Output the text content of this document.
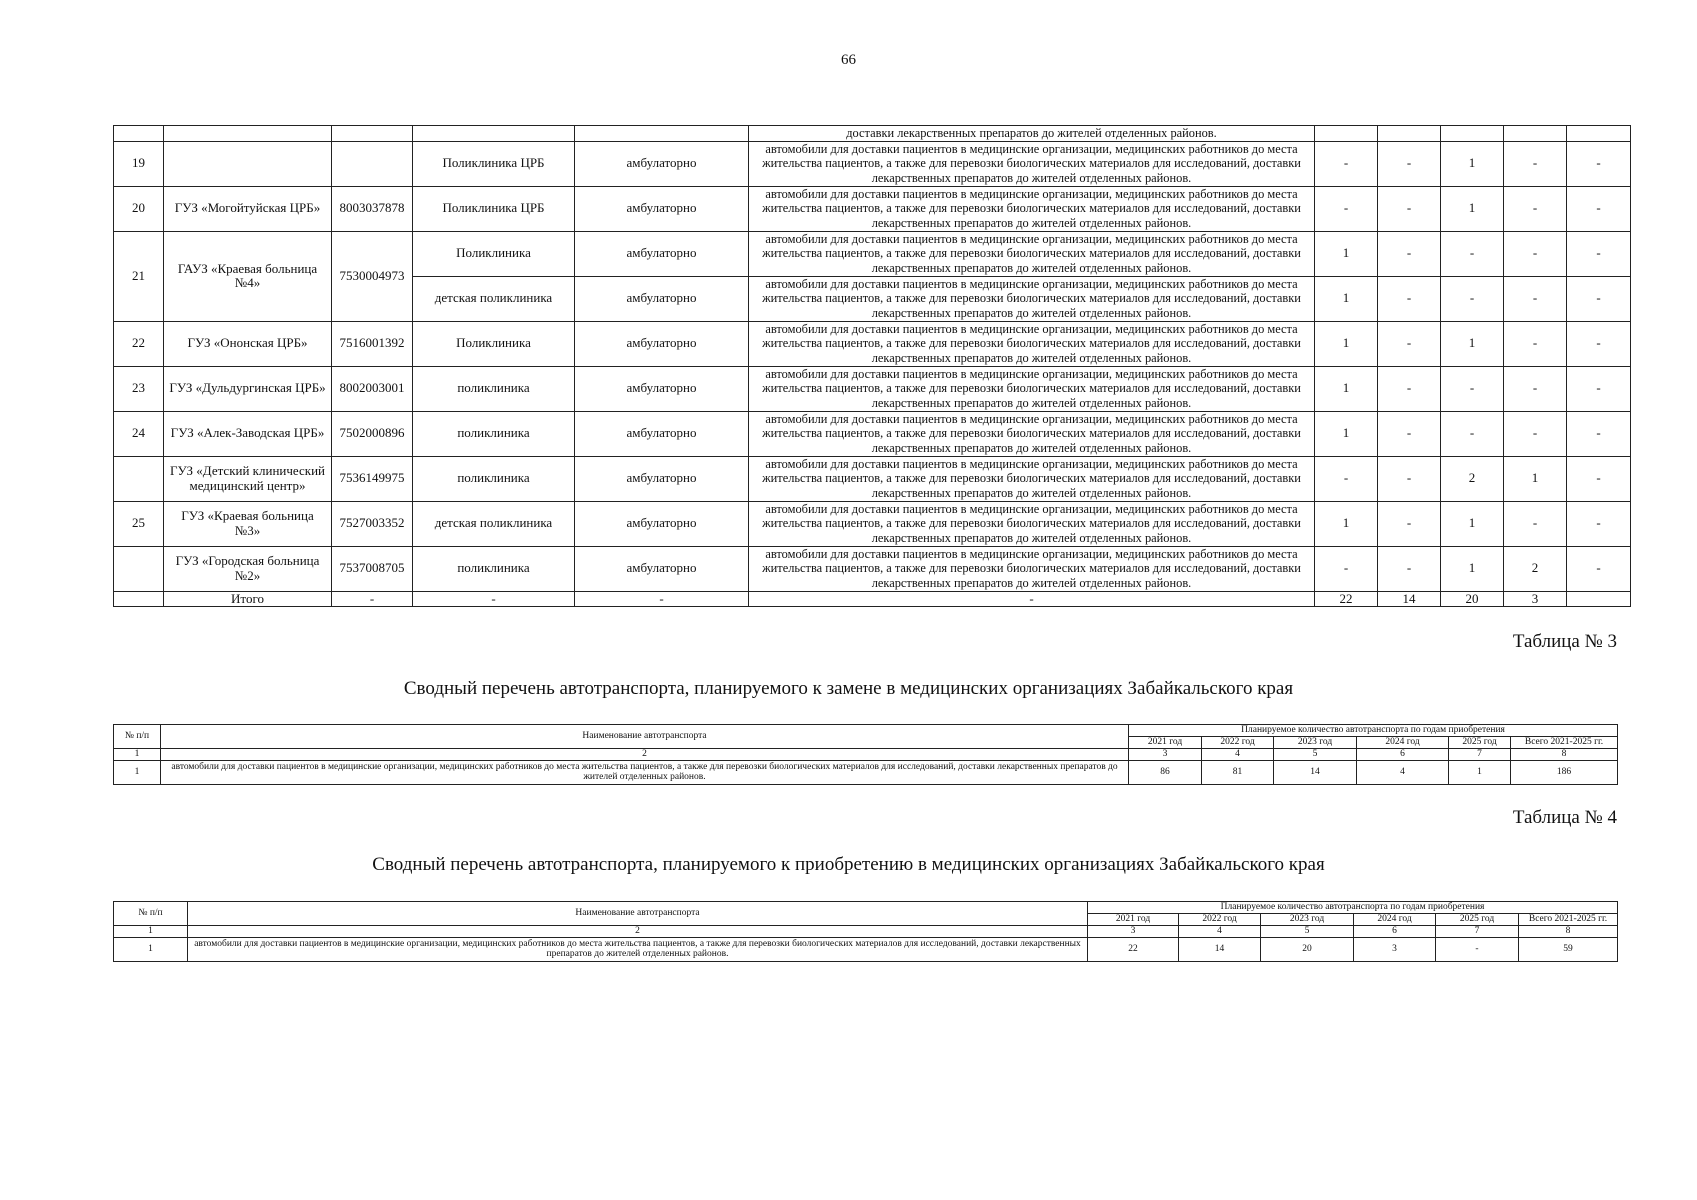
66
					доставки лекарственных препаратов до жителей отделенных районов.					
19			Поликлиника ЦРБ	амбулаторно	автомобили для доставки пациентов в медицинские организации, медицинских работников до места жительства пациентов, а также для перевозки биологических материалов для исследований, доставки лекарственных препаратов до жителей отделенных районов.	-	-	1	-	-
20	ГУЗ «Могойтуйская ЦРБ»	8003037878	Поликлиника ЦРБ	амбулаторно	автомобили для доставки пациентов в медицинские организации, медицинских работников до места жительства пациентов, а также для перевозки биологических материалов для исследований, доставки лекарственных препаратов до жителей отделенных районов.	-	-	1	-	-
21	ГАУЗ «Краевая больница №4»	7530004973	Поликлиника	амбулаторно	автомобили для доставки пациентов в медицинские организации, медицинских работников до места жительства пациентов, а также для перевозки биологических материалов для исследований, доставки лекарственных препаратов до жителей отделенных районов.	1	-	-	-	-
			детская поликлиника	амбулаторно	автомобили для доставки пациентов в медицинские организации, медицинских работников до места жительства пациентов, а также для перевозки биологических материалов для исследований, доставки лекарственных препаратов до жителей отделенных районов.	1	-	-	-	-
22	ГУЗ «Ононская ЦРБ»	7516001392	Поликлиника	амбулаторно	автомобили для доставки пациентов в медицинские организации, медицинских работников до места жительства пациентов, а также для перевозки биологических материалов для исследований, доставки лекарственных препаратов до жителей отделенных районов.	1	-	1	-	-
23	ГУЗ «Дульдургинская ЦРБ»	8002003001	поликлиника	амбулаторно	автомобили для доставки пациентов в медицинские организации, медицинских работников до места жительства пациентов, а также для перевозки биологических материалов для исследований, доставки лекарственных препаратов до жителей отделенных районов.	1	-	-	-	-
24	ГУЗ «Алек-Заводская ЦРБ»	7502000896	поликлиника	амбулаторно	автомобили для доставки пациентов в медицинские организации, медицинских работников до места жительства пациентов, а также для перевозки биологических материалов для исследований, доставки лекарственных препаратов до жителей отделенных районов.	1	-	-	-	-
	ГУЗ «Детский клинический медицинский центр»	7536149975	поликлиника	амбулаторно	автомобили для доставки пациентов в медицинские организации, медицинских работников до места жительства пациентов, а также для перевозки биологических материалов для исследований, доставки лекарственных препаратов до жителей отделенных районов.	-	-	2	1	-
25	ГУЗ «Краевая больница №3»	7527003352	детская поликлиника	амбулаторно	автомобили для доставки пациентов в медицинские организации, медицинских работников до места жительства пациентов, а также для перевозки биологических материалов для исследований, доставки лекарственных препаратов до жителей отделенных районов.	1	-	1	-	-
	ГУЗ «Городская больница №2»	7537008705	поликлиника	амбулаторно	автомобили для доставки пациентов в медицинские организации, медицинских работников до места жительства пациентов, а также для перевозки биологических материалов для исследований, доставки лекарственных препаратов до жителей отделенных районов.	-	-	1	2	-
	Итого	-	-	-	-	22	14	20	3	
Таблица № 3
Сводный перечень автотранспорта, планируемого к замене в медицинских организациях Забайкальского края
№ п/п	Наименование автотранспорта	Планируемое количество автотранспорта по годам приобретения					
		2021 год	2022 год	2023 год	2024 год	2025 год	Всего 2021-2025 гг.
1	2	3	4	5	6	7	8
1	автомобили для доставки пациентов в медицинские организации, медицинских работников до места жительства пациентов, а также для перевозки биологических материалов для исследований, доставки лекарственных препаратов до жителей отделенных районов.	86	81	14	4	1	186
Таблица № 4
Сводный перечень автотранспорта, планируемого к приобретению в медицинских организациях Забайкальского края
№ п/п	Наименование автотранспорта	Планируемое количество автотранспорта по годам приобретения					
		2021 год	2022 год	2023 год	2024 год	2025 год	Всего 2021-2025 гг.
1	2	3	4	5	6	7	8
1	автомобили для доставки пациентов в медицинские организации, медицинских работников до места жительства пациентов, а также для перевозки биологических материалов для исследований, доставки лекарственных препаратов до жителей отделенных районов.	22	14	20	3	-	59
